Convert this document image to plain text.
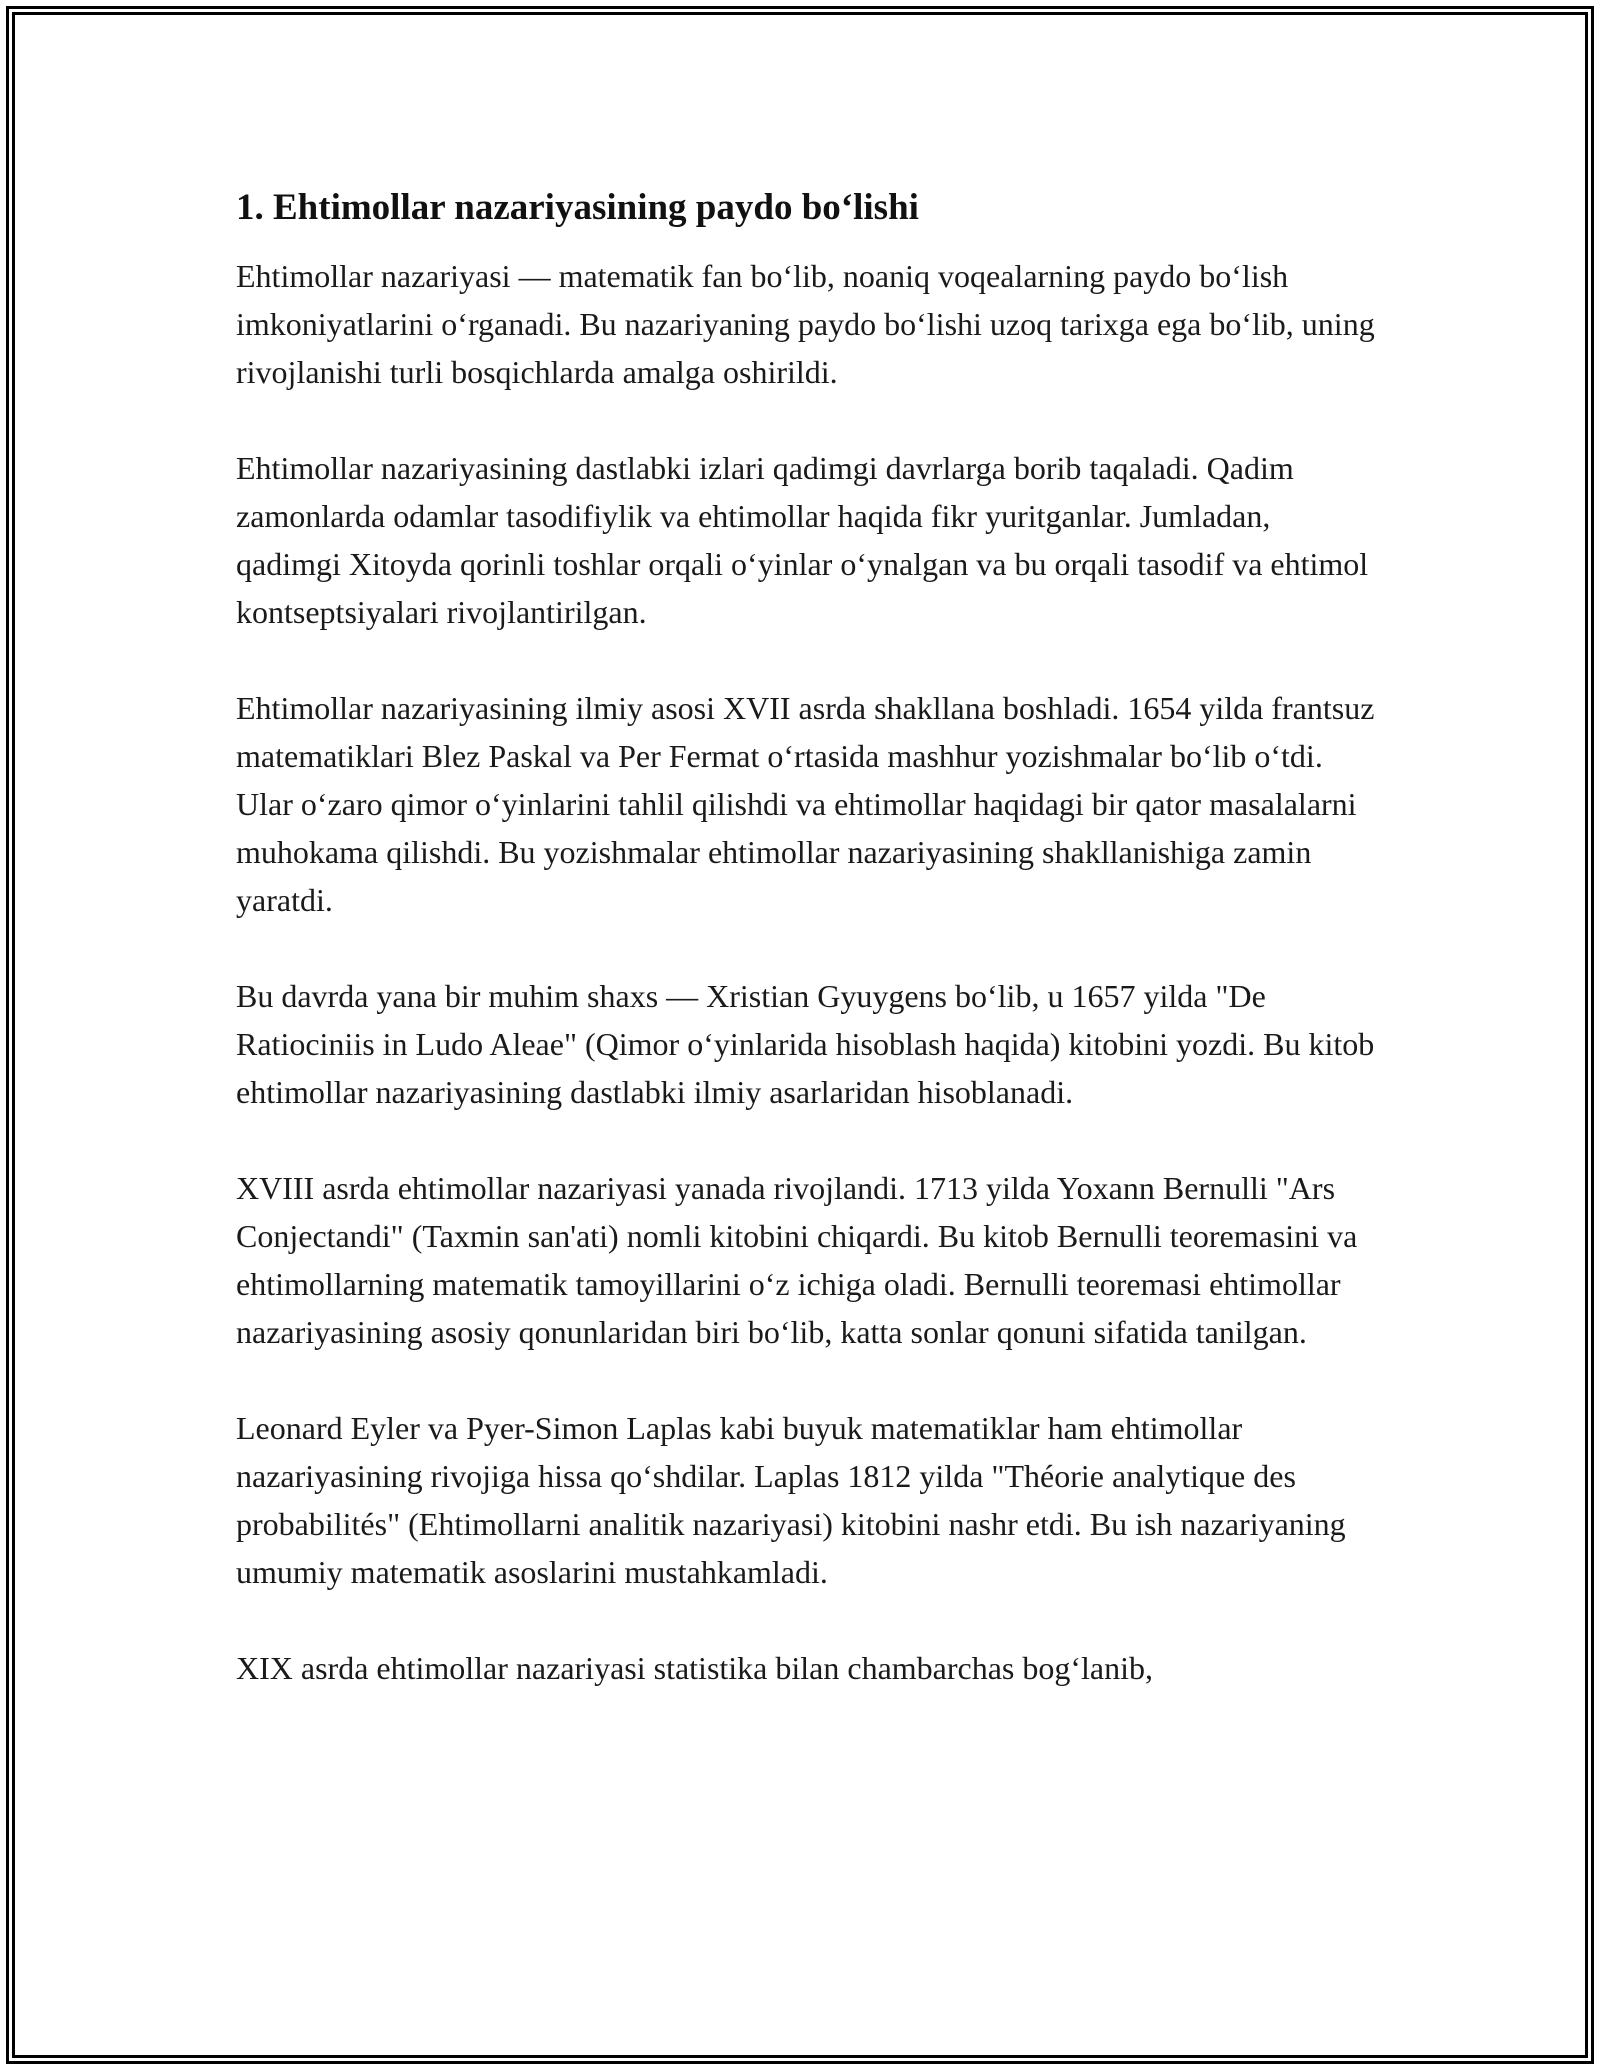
1. Ehtimollar nazariyasining paydo bo‘lishi

Ehtimollar nazariyasi — matematik fan bo‘lib, noaniq voqealarning paydo bo‘lish imkoniyatlarini o‘rganadi. Bu nazariyaning paydo bo‘lishi uzoq tarixga ega bo‘lib, uning rivojlanishi turli bosqichlarda amalga oshirildi.

Ehtimollar nazariyasining dastlabki izlari qadimgi davrlarga borib taqaladi. Qadim zamonlarda odamlar tasodifiylik va ehtimollar haqida fikr yuritganlar. Jumladan, qadimgi Xitoyda qorinli toshlar orqali o‘yinlar o‘ynalgan va bu orqali tasodif va ehtimol kontseptsiyalari rivojlantirilgan.

Ehtimollar nazariyasining ilmiy asosi XVII asrda shakllana boshladi. 1654 yilda frantsuz matematiklari Blez Paskal va Per Fermat o‘rtasida mashhur yozishmalar bo‘lib o‘tdi. Ular o‘zaro qimor o‘yinlarini tahlil qilishdi va ehtimollar haqidagi bir qator masalalarni muhokama qilishdi. Bu yozishmalar ehtimollar nazariyasining shakllanishiga zamin yaratdi.

Bu davrda yana bir muhim shaxs — Xristian Gyuygens bo‘lib, u 1657 yilda "De Ratiociniis in Ludo Aleae" (Qimor o‘yinlarida hisoblash haqida) kitobini yozdi. Bu kitob ehtimollar nazariyasining dastlabki ilmiy asarlaridan hisoblanadi.

XVIII asrda ehtimollar nazariyasi yanada rivojlandi. 1713 yilda Yoxann Bernulli "Ars Conjectandi" (Taxmin san'ati) nomli kitobini chiqardi. Bu kitob Bernulli teoremasini va ehtimollarning matematik tamoyillarini o‘z ichiga oladi. Bernulli teoremasi ehtimollar nazariyasining asosiy qonunlaridan biri bo‘lib, katta sonlar qonuni sifatida tanilgan.

Leonard Eyler va Pyer-Simon Laplas kabi buyuk matematiklar ham ehtimollar nazariyasining rivojiga hissa qo‘shdilar. Laplas 1812 yilda "Théorie analytique des probabilités" (Ehtimollarni analitik nazariyasi) kitobini nashr etdi. Bu ish nazariyaning umumiy matematik asoslarini mustahkamladi.

XIX asrda ehtimollar nazariyasi statistika bilan chambarchas bog‘lanib,
